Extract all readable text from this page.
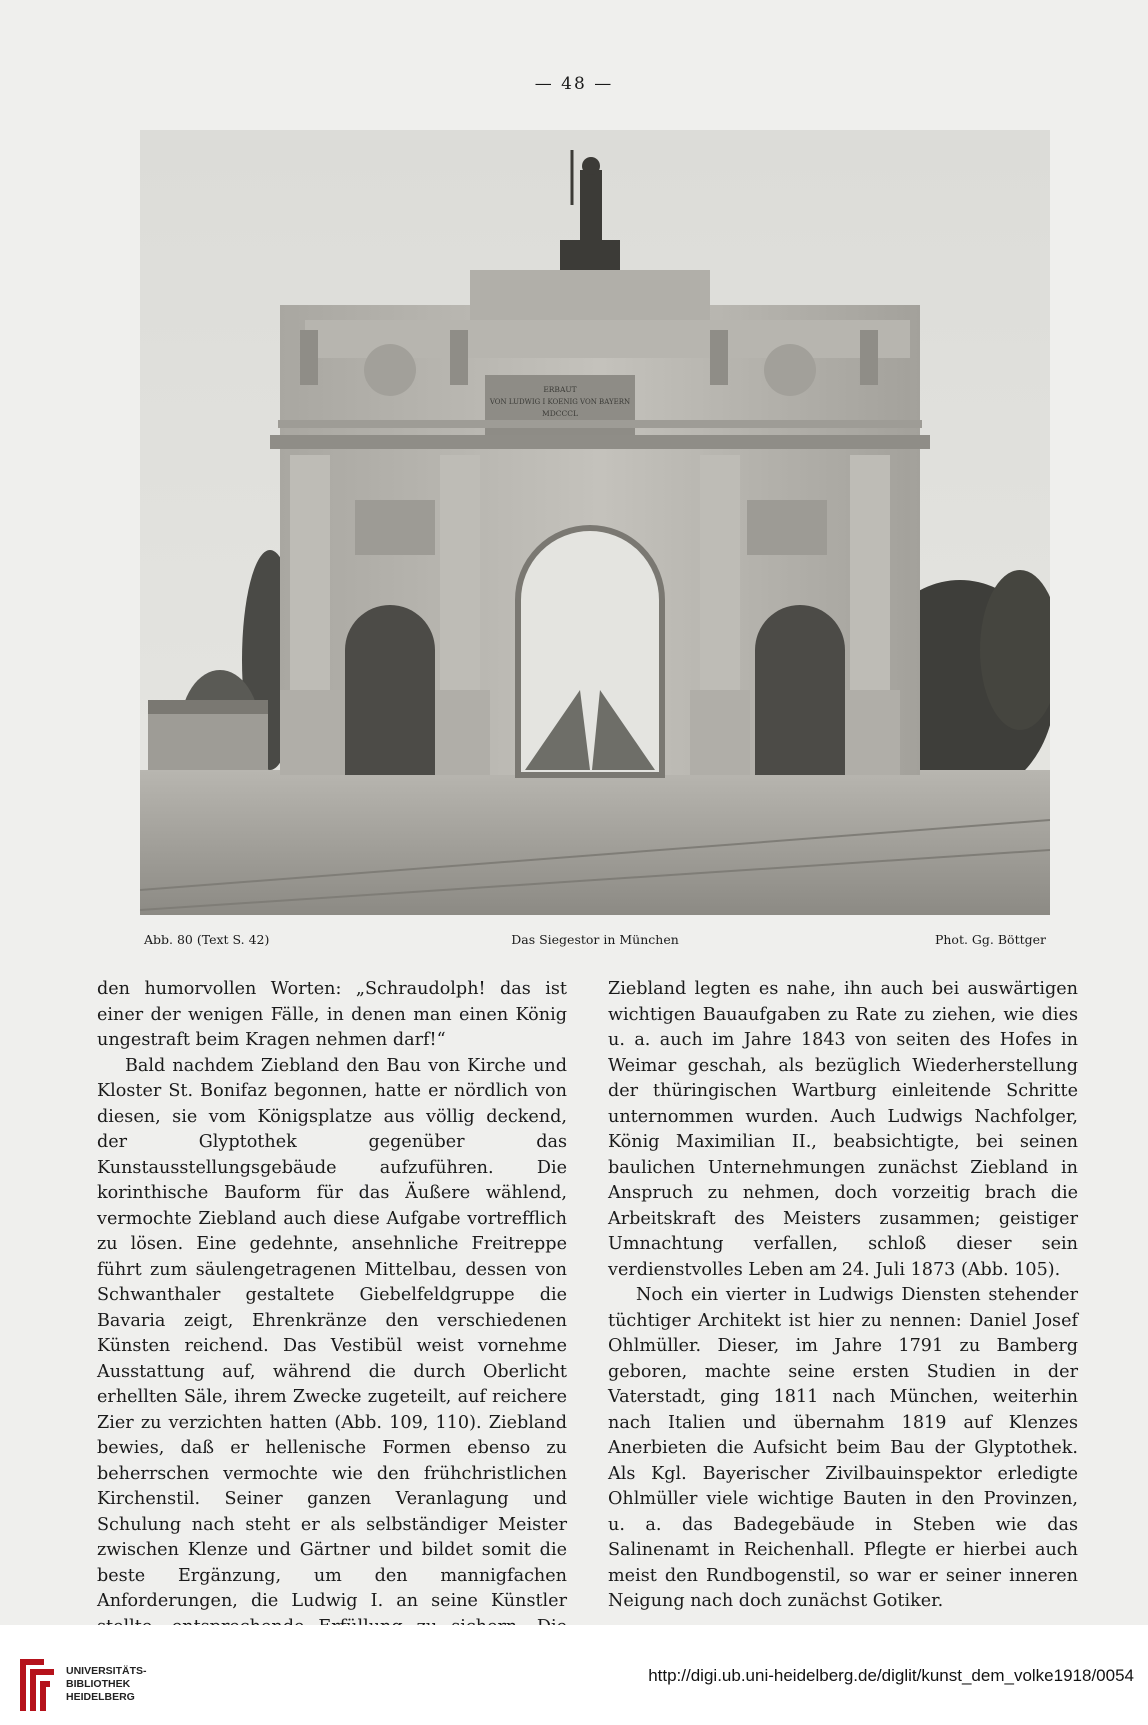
— 48 —
ERBAUT
VON LUDWIG I KOENIG VON BAYERN
MDCCCL
Abb. 80 (Text S. 42)	Das Siegestor in München	Phot. Gg. Böttger

den humorvollen Worten: „Schraudolph! das ist einer der wenigen Fälle, in denen man einen König ungestraft beim Kragen nehmen darf!“

Bald nachdem Ziebland den Bau von Kirche und Kloster St. Bonifaz begonnen, hatte er nördlich von diesen, sie vom Königsplatze aus völlig deckend, der Glyptothek gegenüber das Kunstausstellungsgebäude aufzuführen. Die korinthische Bauform für das Äußere wählend, vermochte Ziebland auch diese Aufgabe vortrefflich zu lösen. Eine gedehnte, ansehnliche Freitreppe führt zum säulengetragenen Mittelbau, dessen von Schwanthaler gestaltete Giebelfeldgruppe die Bavaria zeigt, Ehrenkränze den verschiedenen Künsten reichend. Das Vestibül weist vornehme Ausstattung auf, während die durch Oberlicht erhellten Säle, ihrem Zwecke zugeteilt, auf reichere Zier zu verzichten hatten (Abb. 109, 110). Ziebland bewies, daß er hellenische Formen ebenso zu beherrschen vermochte wie den frühchristlichen Kirchenstil. Seiner ganzen Veranlagung und Schulung nach steht er als selbständiger Meister zwischen Klenze und Gärtner und bildet somit die beste Ergänzung, um den mannigfachen Anforderungen, die Ludwig I. an seine Künstler

Ziebland legten es nahe, ihn auch bei auswärtigen wichtigen Bauaufgaben zu Rate zu ziehen, wie dies u. a. auch im Jahre 1843 von seiten des Hofes in Weimar geschah, als bezüglich Wiederherstellung der thüringischen Wartburg einleitende Schritte unternommen wurden. Auch Ludwigs Nachfolger, König Maximilian II., beabsichtigte, bei seinen baulichen Unternehmungen zunächst Ziebland in Anspruch zu nehmen, doch vorzeitig brach die Arbeitskraft des Meisters zusammen; geistiger Umnachtung verfallen, schloß dieser sein verdienstvolles Leben am 24. Juli 1873 (Abb. 105).

Noch ein vierter in Ludwigs Diensten stehender tüchtiger Architekt ist hier zu nennen: Daniel Josef Ohlmüller. Dieser, im Jahre 1791 zu Bamberg geboren, machte seine ersten Studien in der Vaterstadt, ging 1811 nach München, weiterhin nach Italien und übernahm 1819 auf Klenzes Anerbieten die Aufsicht beim Bau der Glyptothek. Als Kgl. Bayerischer Zivilbauinspektor erledigte Ohlmüller viele wichtige Bauten in den Provinzen, u. a. das Badegebäude in Steben wie das Salinenamt in Reichenhall. Pflegte er hierbei auch meist den Rundbogenstil, so war er seiner inneren Neigung nach doch zunächst Gotiker.

UNIVERSITÄTS-
BIBLIOTHEK
HEIDELBERG
http://digi.ub.uni-heidelberg.de/diglit/kunst_dem_volke1918/0054
